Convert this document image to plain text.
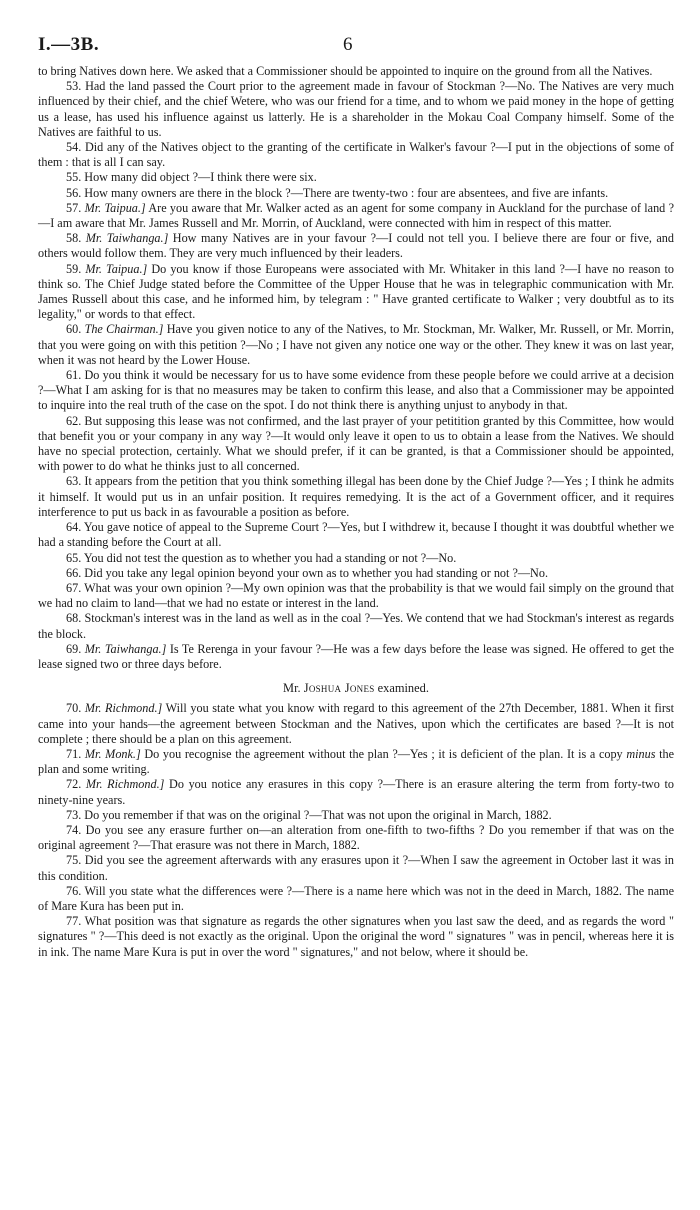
I.—3B.	6

to bring Natives down here. We asked that a Commissioner should be appointed to inquire on the ground from all the Natives.

53. Had the land passed the Court prior to the agreement made in favour of Stockman ?—No. The Natives are very much influenced by their chief, and the chief Wetere, who was our friend for a time, and to whom we paid money in the hope of getting us a lease, has used his influence against us latterly. He is a shareholder in the Mokau Coal Company himself. Some of the Natives are faithful to us.

54. Did any of the Natives object to the granting of the certificate in Walker's favour ?—I put in the objections of some of them : that is all I can say.

55. How many did object ?—I think there were six.

56. How many owners are there in the block ?—There are twenty-two : four are absentees, and five are infants.

57. Mr. Taipua.] Are you aware that Mr. Walker acted as an agent for some company in Auckland for the purchase of land ?—I am aware that Mr. James Russell and Mr. Morrin, of Auckland, were connected with him in respect of this matter.

58. Mr. Taiwhanga.] How many Natives are in your favour ?—I could not tell you. I believe there are four or five, and others would follow them. They are very much influenced by their leaders.

59. Mr. Taipua.] Do you know if those Europeans were associated with Mr. Whitaker in this land ?—I have no reason to think so. The Chief Judge stated before the Committee of the Upper House that he was in telegraphic communication with Mr. James Russell about this case, and he informed him, by telegram : " Have granted certificate to Walker ; very doubtful as to its legality," or words to that effect.

60. The Chairman.] Have you given notice to any of the Natives, to Mr. Stockman, Mr. Walker, Mr. Russell, or Mr. Morrin, that you were going on with this petition ?—No ; I have not given any notice one way or the other. They knew it was on last year, when it was not heard by the Lower House.

61. Do you think it would be necessary for us to have some evidence from these people before we could arrive at a decision ?—What I am asking for is that no measures may be taken to confirm this lease, and also that a Commissioner may be appointed to inquire into the real truth of the case on the spot. I do not think there is anything unjust to anybody in that.

62. But supposing this lease was not confirmed, and the last prayer of your petitition granted by this Committee, how would that benefit you or your company in any way ?—It would only leave it open to us to obtain a lease from the Natives. We should have no special protection, certainly. What we should prefer, if it can be granted, is that a Commissioner should be appointed, with power to do what he thinks just to all concerned.

63. It appears from the petition that you think something illegal has been done by the Chief Judge ?—Yes ; I think he admits it himself. It would put us in an unfair position. It requires remedying. It is the act of a Government officer, and it requires interference to put us back in as favourable a position as before.

64. You gave notice of appeal to the Supreme Court ?—Yes, but I withdrew it, because I thought it was doubtful whether we had a standing before the Court at all.

65. You did not test the question as to whether you had a standing or not ?—No.

66. Did you take any legal opinion beyond your own as to whether you had standing or not ?—No.

67. What was your own opinion ?—My own opinion was that the probability is that we would fail simply on the ground that we had no claim to land—that we had no estate or interest in the land.

68. Stockman's interest was in the land as well as in the coal ?—Yes. We contend that we had Stockman's interest as regards the block.

69. Mr. Taiwhanga.] Is Te Rerenga in your favour ?—He was a few days before the lease was signed. He offered to get the lease signed two or three days before.

Mr. Joshua Jones examined.

70. Mr. Richmond.] Will you state what you know with regard to this agreement of the 27th December, 1881. When it first came into your hands—the agreement between Stockman and the Natives, upon which the certificates are based ?—It is not complete ; there should be a plan on this agreement.

71. Mr. Monk.] Do you recognise the agreement without the plan ?—Yes ; it is deficient of the plan. It is a copy minus the plan and some writing.

72. Mr. Richmond.] Do you notice any erasures in this copy ?—There is an erasure altering the term from forty-two to ninety-nine years.

73. Do you remember if that was on the original ?—That was not upon the original in March, 1882.

74. Do you see any erasure further on—an alteration from one-fifth to two-fifths ? Do you remember if that was on the original agreement ?—That erasure was not there in March, 1882.

75. Did you see the agreement afterwards with any erasures upon it ?—When I saw the agreement in October last it was in this condition.

76. Will you state what the differences were ?—There is a name here which was not in the deed in March, 1882. The name of Mare Kura has been put in.

77. What position was that signature as regards the other signatures when you last saw the deed, and as regards the word " signatures " ?—This deed is not exactly as the original. Upon the original the word " signatures " was in pencil, whereas here it is in ink. The name Mare Kura is put in over the word " signatures," and not below, where it should be.
